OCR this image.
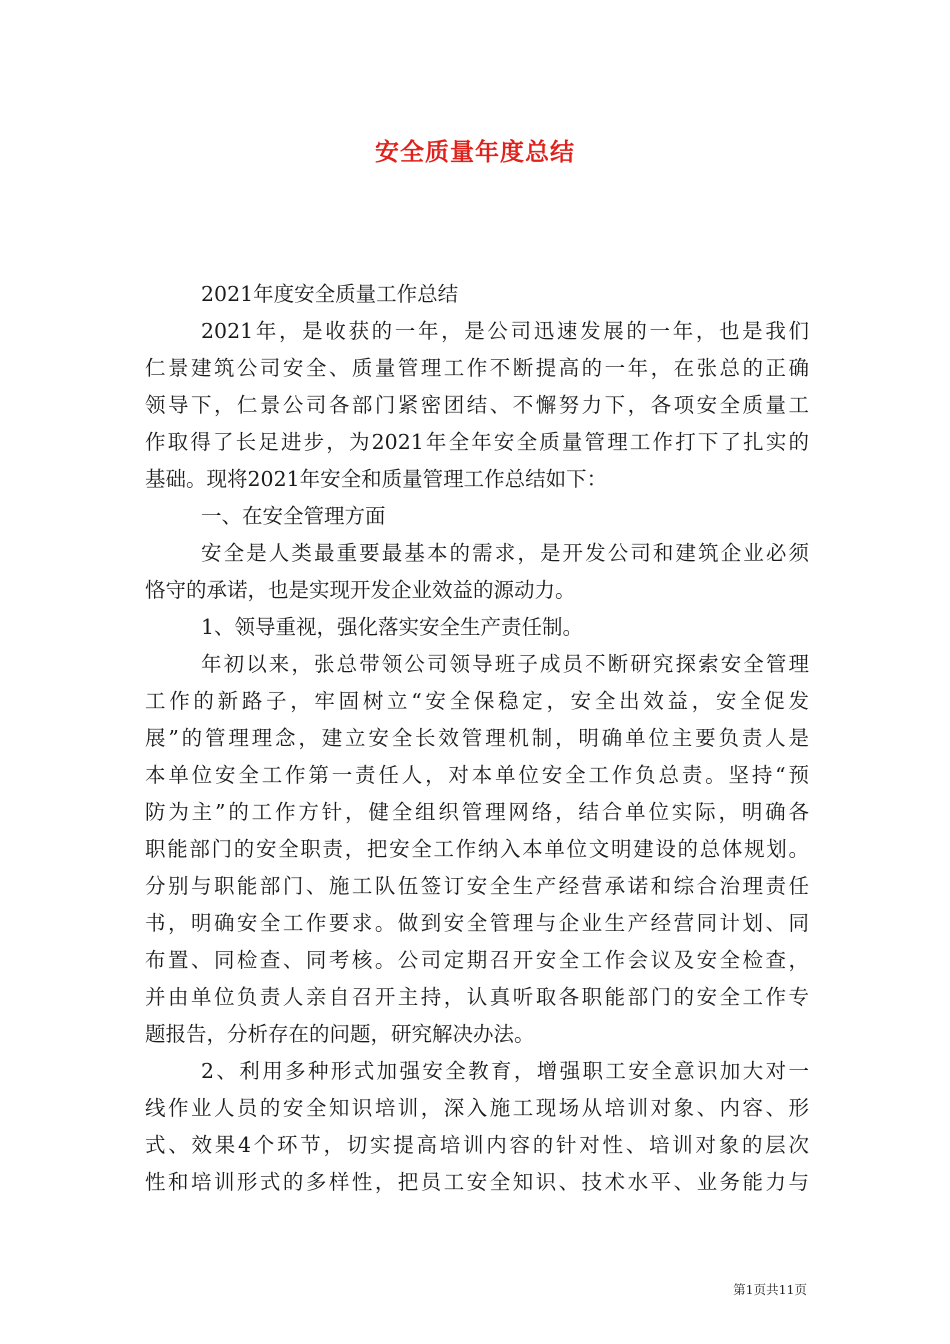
安全质量年度总结
2021年度安全质量工作总结
2021年，是收获的一年，是公司迅速发展的一年，也是我们
仁景建筑公司安全、质量管理工作不断提高的一年，在张总的正确
领导下，仁景公司各部门紧密团结、不懈努力下，各项安全质量工
作取得了长足进步，为2021年全年安全质量管理工作打下了扎实的
基础。现将2021年安全和质量管理工作总结如下：
一、在安全管理方面
安全是人类最重要最基本的需求，是开发公司和建筑企业必须
恪守的承诺，也是实现开发企业效益的源动力。
1、领导重视，强化落实安全生产责任制。
年初以来，张总带领公司领导班子成员不断研究探索安全管理
工作的新路子，牢固树立“安全保稳定，安全出效益，安全促发
展”的管理理念，建立安全长效管理机制，明确单位主要负责人是
本单位安全工作第一责任人，对本单位安全工作负总责。坚持“预
防为主”的工作方针，健全组织管理网络，结合单位实际，明确各
职能部门的安全职责，把安全工作纳入本单位文明建设的总体规划。
分别与职能部门、施工队伍签订安全生产经营承诺和综合治理责任
书，明确安全工作要求。做到安全管理与企业生产经营同计划、同
布置、同检查、同考核。公司定期召开安全工作会议及安全检查，
并由单位负责人亲自召开主持，认真听取各职能部门的安全工作专
题报告，分析存在的问题，研究解决办法。
2、利用多种形式加强安全教育，增强职工安全意识加大对一
线作业人员的安全知识培训，深入施工现场从培训对象、内容、形
式、效果4个环节，切实提高培训内容的针对性、培训对象的层次
性和培训形式的多样性，把员工安全知识、技术水平、业务能力与
第1页共11页
